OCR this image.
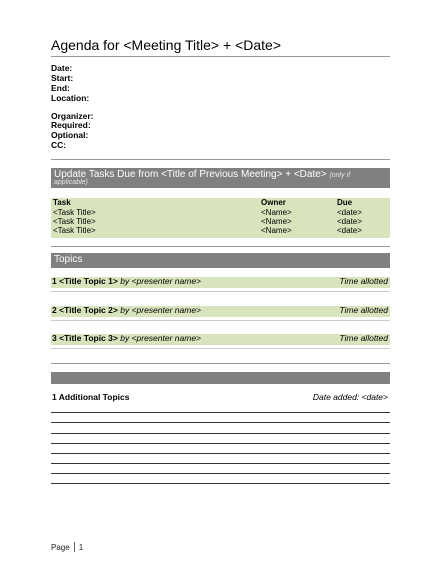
Agenda for <Meeting Title> + <Date>
Date:
Start:
End:
Location:
Organizer:
Required:
Optional:
CC:
Update Tasks Due from <Title of Previous Meeting> + <Date> (only if
applicable)
Task	Owner	Due
<Task Title>	<Name>	<date>
<Task Title>	<Name>	<date>
<Task Title>	<Name>	<date>
Topics
1 <Title Topic 1> by <presenter name>	Time allotted
2 <Title Topic 2> by <presenter name>	Time allotted
3 <Title Topic 3> by <presenter name>	Time allotted
1 Additional Topics	Date added: <date>
Page 1
